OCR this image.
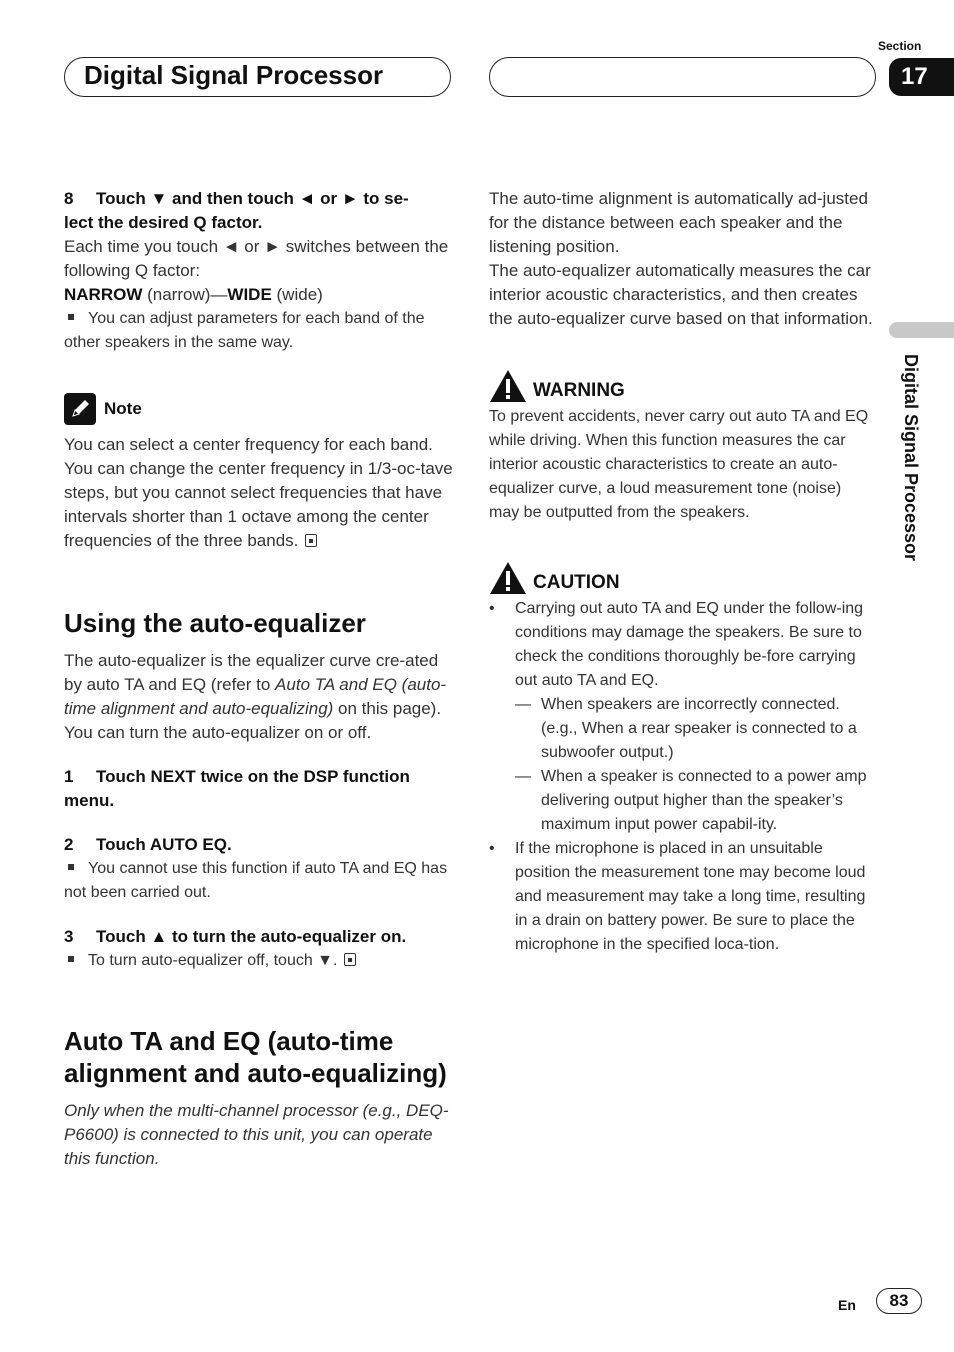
Digital Signal Processor
Section
17
Digital Signal Processor

8 Touch ▼ and then touch ◄ or ► to se-
lect the desired Q factor.

Each time you touch ◄ or ► switches between the following Q factor:

NARROW (narrow)—WIDE (wide)

You can adjust parameters for each band of the other speakers in the same way.

Note

You can select a center frequency for each band. You can change the center frequency in 1/3-oc-tave steps, but you cannot select frequencies that have intervals shorter than 1 octave among the center frequencies of the three bands.

Using the auto-equalizer

The auto-equalizer is the equalizer curve cre-ated by auto TA and EQ (refer to Auto TA and EQ (auto-time alignment and auto-equalizing) on this page).

You can turn the auto-equalizer on or off.

1 Touch NEXT twice on the DSP function menu.

2 Touch AUTO EQ.

You cannot use this function if auto TA and EQ has not been carried out.

3 Touch ▲ to turn the auto-equalizer on.

To turn auto-equalizer off, touch ▼.

Auto TA and EQ (auto-time alignment and auto-equalizing)

Only when the multi-channel processor (e.g., DEQ-P6600) is connected to this unit, you can operate this function.

The auto-time alignment is automatically ad-justed for the distance between each speaker and the listening position.

The auto-equalizer automatically measures the car interior acoustic characteristics, and then creates the auto-equalizer curve based on that information.

WARNING

To prevent accidents, never carry out auto TA and EQ while driving. When this function measures the car interior acoustic characteristics to create an auto-equalizer curve, a loud measurement tone (noise) may be outputted from the speakers.

CAUTION

• Carrying out auto TA and EQ under the follow-ing conditions may damage the speakers. Be sure to check the conditions thoroughly be-fore carrying out auto TA and EQ.

— When speakers are incorrectly connected. (e.g., When a rear speaker is connected to a subwoofer output.)

— When a speaker is connected to a power amp delivering output higher than the speaker’s maximum input power capabil-ity.

• If the microphone is placed in an unsuitable position the measurement tone may become loud and measurement may take a long time, resulting in a drain on battery power. Be sure to place the microphone in the specified loca-tion.

En	83
